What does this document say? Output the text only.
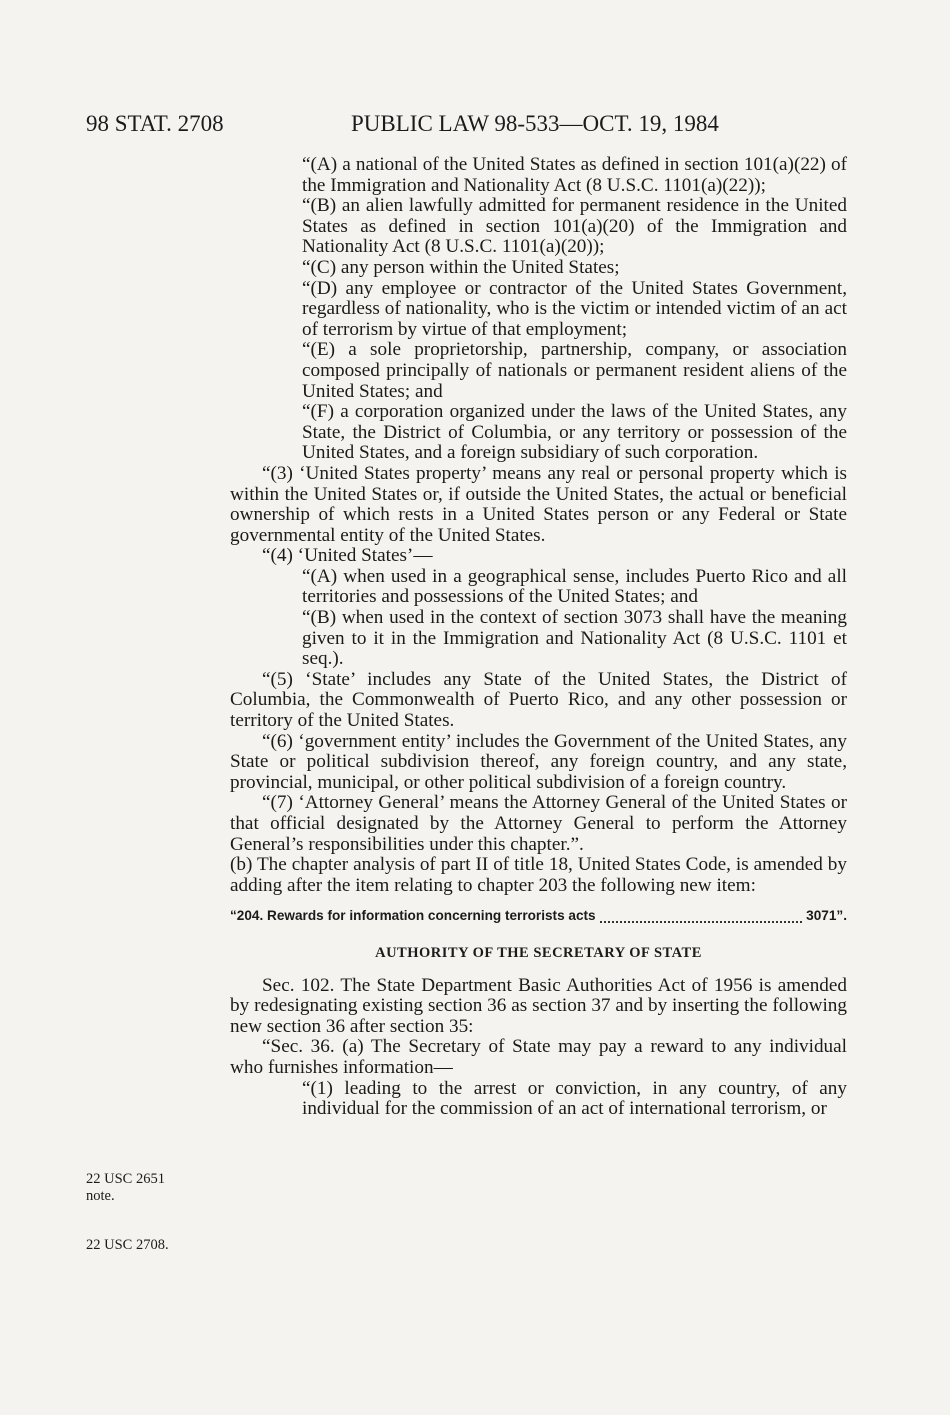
98 STAT. 2708	PUBLIC LAW 98-533—OCT. 19, 1984
22 USC 2651
note.
22 USC 2708.

“(A) a national of the United States as defined in section 101(a)(22) of the Immigration and Nationality Act (8 U.S.C. 1101(a)(22));

“(B) an alien lawfully admitted for permanent residence in the United States as defined in section 101(a)(20) of the Immigration and Nationality Act (8 U.S.C. 1101(a)(20));

“(C) any person within the United States;

“(D) any employee or contractor of the United States Government, regardless of nationality, who is the victim or intended victim of an act of terrorism by virtue of that employment;

“(E) a sole proprietorship, partnership, company, or association composed principally of nationals or permanent resident aliens of the United States; and

“(F) a corporation organized under the laws of the United States, any State, the District of Columbia, or any territory or possession of the United States, and a foreign subsidiary of such corporation.

“(3) ‘United States property’ means any real or personal property which is within the United States or, if outside the United States, the actual or beneficial ownership of which rests in a United States person or any Federal or State governmental entity of the United States.

“(4) ‘United States’—

“(A) when used in a geographical sense, includes Puerto Rico and all territories and possessions of the United States; and

“(B) when used in the context of section 3073 shall have the meaning given to it in the Immigration and Nationality Act (8 U.S.C. 1101 et seq.).

“(5) ‘State’ includes any State of the United States, the District of Columbia, the Commonwealth of Puerto Rico, and any other possession or territory of the United States.

“(6) ‘government entity’ includes the Government of the United States, any State or political subdivision thereof, any foreign country, and any state, provincial, municipal, or other political subdivision of a foreign country.

“(7) ‘Attorney General’ means the Attorney General of the United States or that official designated by the Attorney General to perform the Attorney General’s responsibilities under this chapter.”.

(b) The chapter analysis of part II of title 18, United States Code, is amended by adding after the item relating to chapter 203 the following new item:

“204. Rewards for information concerning terrorists acts	3071”.
AUTHORITY OF THE SECRETARY OF STATE

Sec. 102. The State Department Basic Authorities Act of 1956 is amended by redesignating existing section 36 as section 37 and by inserting the following new section 36 after section 35:

“Sec. 36. (a) The Secretary of State may pay a reward to any individual who furnishes information—

“(1) leading to the arrest or conviction, in any country, of any individual for the commission of an act of international terrorism, or
